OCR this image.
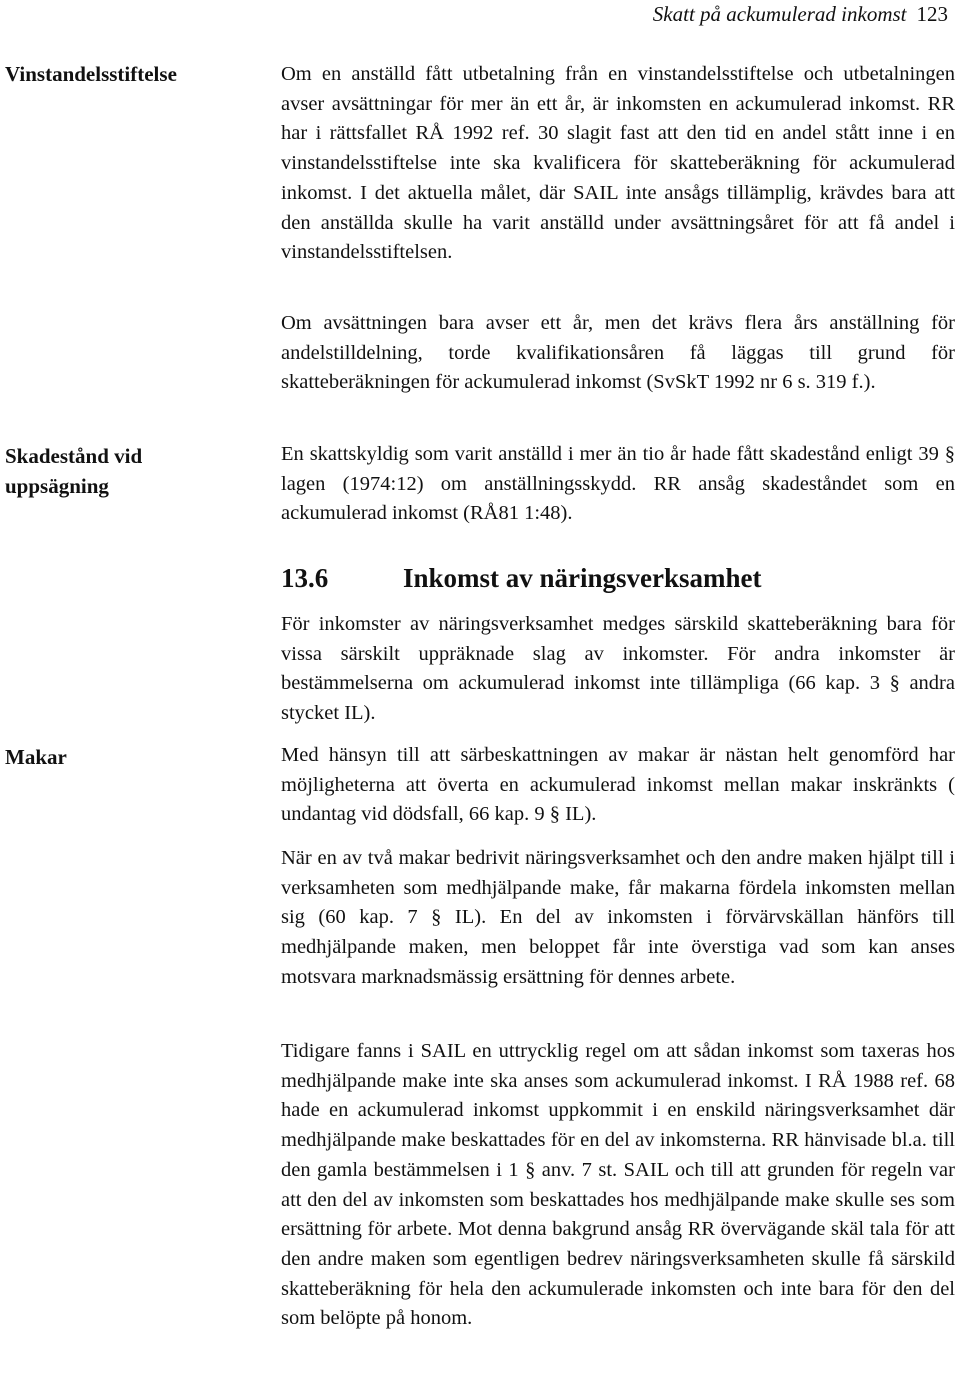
Skatt på ackumulerad inkomst 123
Vinstandelsstiftelse
Skadestånd vid uppsägning
Makar
Om en anställd fått utbetalning från en vinstandelsstiftelse och utbetalningen avser avsättningar för mer än ett år, är inkomsten en ackumulerad inkomst. RR har i rättsfallet RÅ 1992 ref. 30 slagit fast att den tid en andel stått inne i en vinstandelsstiftelse inte ska kvalificera för skatteberäkning för ackumulerad inkomst. I det aktuella målet, där SAIL inte ansågs tillämplig, krävdes bara att den anställda skulle ha varit anställd under avsättningsåret för att få andel i vinstandelsstiftelsen.
Om avsättningen bara avser ett år, men det krävs flera års anställning för andelstilldelning, torde kvalifikationsåren få läggas till grund för skatteberäkningen för ackumulerad inkomst (SvSkT 1992 nr 6 s. 319 f.).
En skattskyldig som varit anställd i mer än tio år hade fått skadestånd enligt 39 § lagen (1974:12) om anställningsskydd. RR ansåg skadeståndet som en ackumulerad inkomst (RÅ81 1:48).
13.6	Inkomst av näringsverksamhet
För inkomster av näringsverksamhet medges särskild skatteberäkning bara för vissa särskilt uppräknade slag av inkomster. För andra inkomster är bestämmelserna om ackumulerad inkomst inte tillämpliga (66 kap. 3 § andra stycket IL).
Med hänsyn till att särbeskattningen av makar är nästan helt genomförd har möjligheterna att överta en ackumulerad inkomst mellan makar inskränkts ( undantag vid dödsfall, 66 kap. 9 § IL).
När en av två makar bedrivit näringsverksamhet och den andre maken hjälpt till i verksamheten som medhjälpande make, får makarna fördela inkomsten mellan sig (60 kap. 7 § IL). En del av inkomsten i förvärvskällan hänförs till medhjälpande maken, men beloppet får inte överstiga vad som kan anses motsvara marknadsmässig ersättning för dennes arbete.
Tidigare fanns i SAIL en uttrycklig regel om att sådan inkomst som taxeras hos medhjälpande make inte ska anses som ackumulerad inkomst. I RÅ 1988 ref. 68 hade en ackumulerad inkomst uppkommit i en enskild näringsverksamhet där medhjälpande make beskattades för en del av inkomsterna. RR hänvisade bl.a. till den gamla bestämmelsen i 1 § anv. 7 st. SAIL och till att grunden för regeln var att den del av inkomsten som beskattades hos medhjälpande make skulle ses som ersättning för arbete. Mot denna bakgrund ansåg RR övervägande skäl tala för att den andre maken som egentligen bedrev näringsverksamheten skulle få särskild skatteberäkning för hela den ackumulerade inkomsten och inte bara för den del som belöpte på honom.
